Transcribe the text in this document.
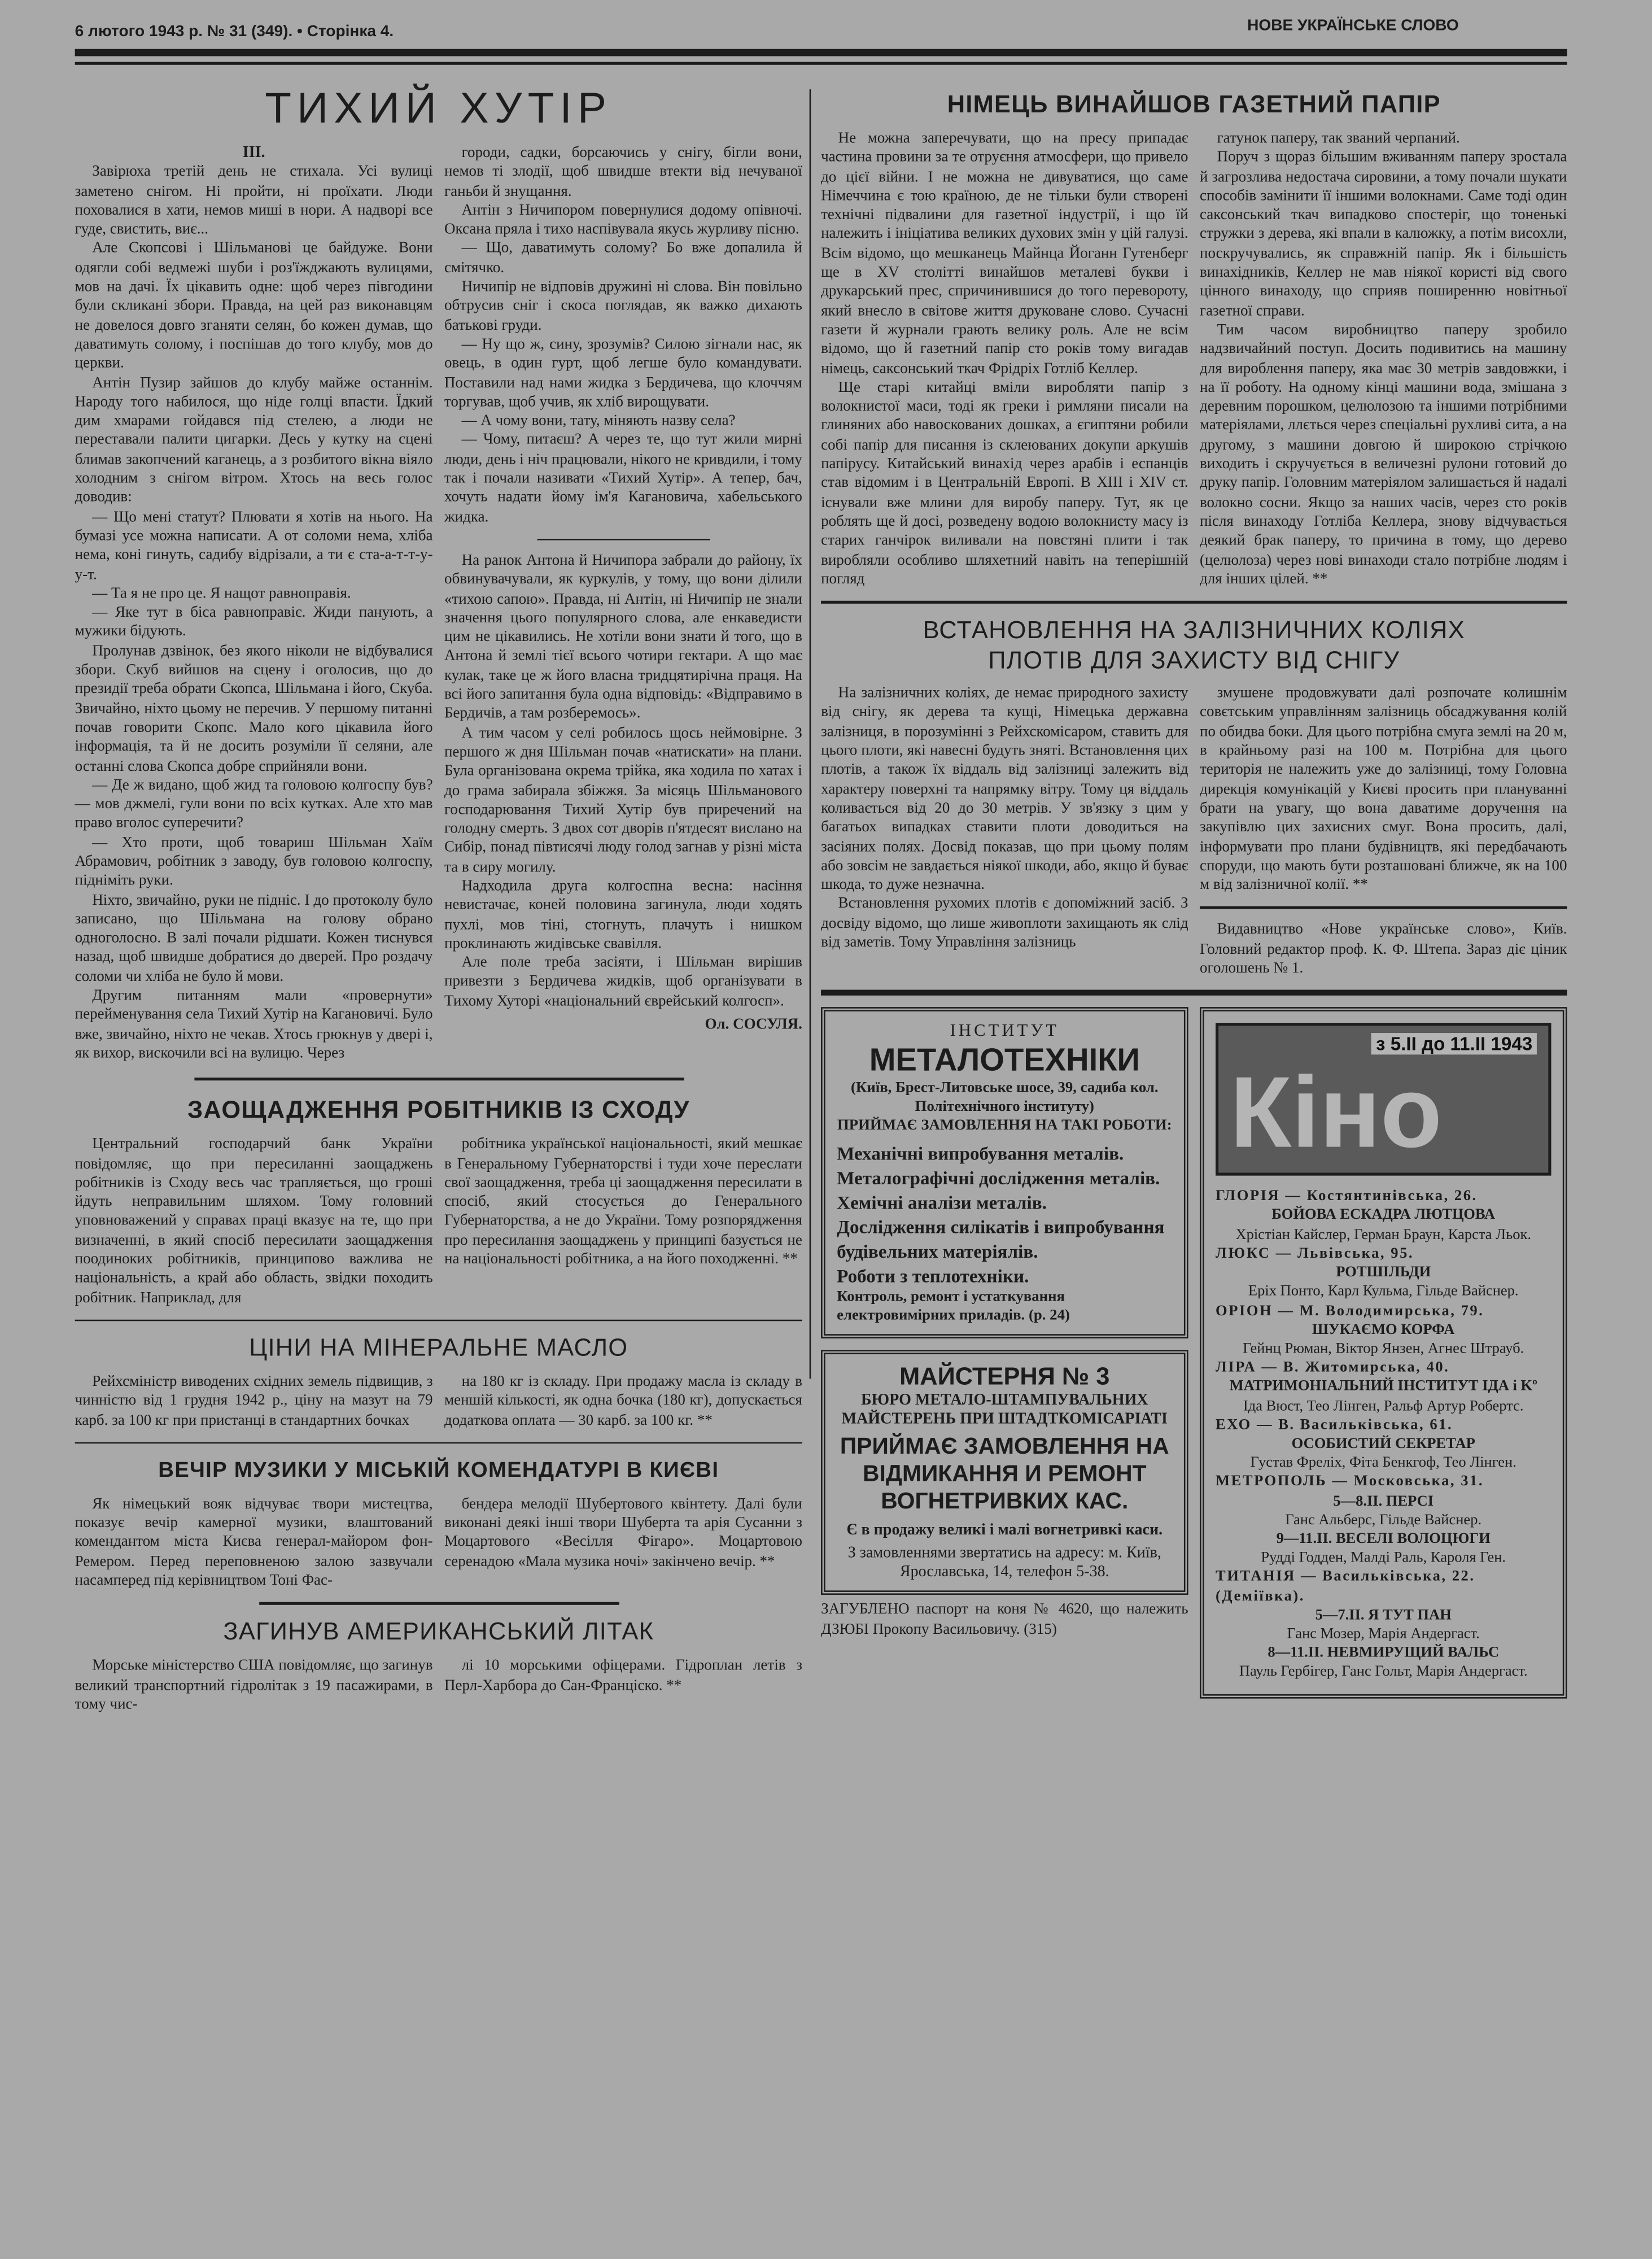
6 лютого 1943 р. № 31 (349). • Сторінка 4.	НОВЕ УКРАЇНСЬКЕ СЛОВО
ТИХИЙ ХУТІР
III.

Завірюха третій день не стихала. Усі вулиці заметено снігом. Ні пройти, ні проїхати. Люди поховалися в хати, немов миші в нори. А надворі все гуде, свистить, виє...

Але Скопсові і Шільмановi це байдуже. Вони одягли собі ведмежі шуби і роз'їжджають вулицями, мов на дачі. Їх цікавить одне: щоб через півгодини були скликані збори. Правда, на цей раз виконавцям не довелося довго зганяти селян, бо кожен думав, що даватимуть солому, і поспішав до того клубу, мов до церкви.

Антін Пузир зайшов до клубу майже останнім. Народу того набилося, що ніде голці впасти. Їдкий дим хмарами гойдався під стелею, а люди не переставали палити цигарки. Десь у кутку на сцені блимав закопчений каганець, а з розбитого вікна віяло холодним з снігом вітром. Хтось на весь голос доводив:

— Що мені статут? Плювати я хотів на нього. На бумазі усе можна написати. А от соломи нема, хліба нема, коні гинуть, садибу відрізали, а ти є ста-а-т-т-у-у-т.

— Та я не про це. Я нащот равноправія.

— Яке тут в біса равноправіє. Жиди панують, а мужики бідують.

Пролунав дзвінок, без якого ніколи не відбувалися збори. Скуб вийшов на сцену і оголосив, що до президії треба обрати Скопса, Шільмана і його, Скуба. Звичайно, ніхто цьому не перечив. У першому питанні почав говорити Скопс. Мало кого цікавила його інформація, та й не досить розуміли її селяни, але останні слова Скопса добре сприйняли вони.

— Де ж видано, щоб жид та головою колгоспу був? — мов джмелі, гули вони по всіх кутках. Але хто мав право вголос суперечити?

— Хто проти, щоб товариш Шільман Хаїм Абрамович, робітник з заводу, був головою колгоспу, підніміть руки.

Ніхто, звичайно, руки не підніс. І до протоколу було записано, що Шільмана на голову обрано одноголосно. В залі почали рідшати. Кожен тиснувся назад, щоб швидше добратися до дверей. Про роздачу соломи чи хліба не було й мови.

Другим питанням мали «провернути» перейменування села Тихий Хутір на Кагановичі. Було вже, звичайно, ніхто не чекав. Хтось грюкнув у двері і, як вихор, вискочили всі на вулицю. Через

городи, садки, борсаючись у снігу, бігли вони, немов ті злодії, щоб швидше втекти від нечуваної ганьби й знущання.

Антін з Ничипором повернулися додому опівночі. Оксана пряла і тихо наспівувала якусь журливу пісню.

— Що, даватимуть солому? Бо вже допалила й смітячко.

Ничипір не відповів дружині ні слова. Він повільно обтрусив сніг і скоса поглядав, як важко дихають батькові груди.

— Ну що ж, сину, зрозумів? Силою зігнали нас, як овець, в один гурт, щоб легше було командувати. Поставили над нами жидка з Бердичева, що клоччям торгував, щоб учив, як хліб вирощувати.

— А чому вони, тату, міняють назву села?

— Чому, питаєш? А через те, що тут жили мирні люди, день і ніч працювали, нікого не кривдили, і тому так і почали називати «Тихий Хутір». А тепер, бач, хочуть надати йому ім'я Кагановича, хабельського жидка.

На ранок Антона й Ничипора забрали до району, їх обвинувачували, як куркулів, у тому, що вони ділили «тихою сапою». Правда, ні Антін, ні Ничипір не знали значення цього популярного слова, але енкаведисти цим не цікавились. Не хотіли вони знати й того, що в Антона й землі тієї всього чотири гектари. А що має кулак, таке це ж його власна тридцятирічна праця. На всі його запитання була одна відповідь: «Відправимо в Бердичів, а там розберемось».

А тим часом у селі робилось щось неймовірне. З першого ж дня Шільман почав «натискати» на плани. Була організована окрема трійка, яка ходила по хатах і до грама забирала збіжжя. За місяць Шільманового господарювання Тихий Хутір був приречений на голодну смерть. З двох сот дворів п'ятдесят вислано на Сибір, понад півтисячі люду голод загнав у різні міста та в сиру могилу.

Надходила друга колгоспна весна: насіння невистачає, коней половина загинула, люди ходять пухлі, мов тіні, стогнуть, плачуть і нишком проклинають жидівське свавілля.

Але поле треба засіяти, і Шільман вирішив привезти з Бердичева жидків, щоб організувати в Тихому Хуторі «національний єврейський колгосп».

Ол. СОСУЛЯ.
ЗАОЩАДЖЕННЯ РОБІТНИКІВ ІЗ СХОДУ

Центральний господарчий банк України повідомляє, що при пересиланні заощаджень робітників із Сходу весь час трапляється, що гроші йдуть неправильним шляхом. Тому головний уповноважений у справах праці вказує на те, що при визначенні, в який спосіб пересилати заощадження поодиноких робітників, принципово важлива не національність, а край або область, звідки походить робітник. Наприклад, для

робітника української національності, який мешкає в Генеральному Губернаторстві і туди хоче переслати свої заощадження, треба ці заощадження пересилати в спосіб, який стосується до Генерального Губернаторства, а не до України. Тому розпорядження про пересилання заощаджень у принципі базується не на національності робітника, а на його походженні. **

ЦІНИ НА МІНЕРАЛЬНЕ МАСЛО

Рейхсміністр виводених східних земель підвищив, з чинністю від 1 грудня 1942 р., ціну на мазут на 79 карб. за 100 кг при пристанці в стандартних бочках

на 180 кг із складу. При продажу масла із складу в меншій кількості, як одна бочка (180 кг), допускається додаткова оплата — 30 карб. за 100 кг. **

ВЕЧІР МУЗИКИ У МІСЬКІЙ КОМЕНДАТУРІ В КИЄВІ

Як німецький вояк відчуває твори мистецтва, показує вечір камерної музики, влаштований комендантом міста Києва генерал-майором фон-Ремером. Перед переповненою залою зазвучали насамперед під керівництвом Тоні Фас-

бендера мелодії Шубертового квінтету. Далі були виконані деякі інші твори Шуберта та арія Сусанни з Моцартового «Весілля Фігаро». Моцартовою серенадою «Мала музика ночі» закінчено вечір. **

ЗАГИНУВ АМЕРИКАНСЬКИЙ ЛІТАК

Морське міністерство США повідомляє, що загинув великий транспортний гідролітак з 19 пасажирами, в тому чис-

лі 10 морськими офіцерами. Гідроплан летів з Перл-Харбора до Сан-Франціско. **

НІМЕЦЬ ВИНАЙШОВ ГАЗЕТНИЙ ПАПІР

Не можна заперечувати, що на пресу припадає частина провини за те отруєння атмосфери, що привело до цієї війни. І не можна не дивуватися, що саме Німеччина є тою країною, де не тільки були створені технічні підвалини для газетної індустрії, і що їй належить і ініціатива великих духових змін у цій галузі. Всім відомо, що мешканець Майнца Йоганн Гутенберг ще в XV столітті винайшов металеві букви і друкарський прес, спричинившися до того перевороту, який внесло в світове життя друковане слово. Сучасні газети й журнали грають велику роль. Але не всім відомо, що й газетний папір сто років тому вигадав німець, саксонський ткач Фрідріх Готліб Келлер.

Ще старі китайці вміли виробляти папір з волокнистої маси, тоді як греки і римляни писали на глиняних або навоскованих дошках, а єгиптяни робили собі папір для писання із склеюваних докупи аркушів папірусу. Китайський винахід через арабів і еспанців став відомим і в Центральній Европі. В XIII і XIV ст. існували вже млини для виробу паперу. Тут, як це роблять ще й досі, розведену водою волокнисту масу із старих ганчірок виливали на повстяні плити і так виробляли особливо шляхетний навіть на теперішній погляд

гатунок паперу, так званий черпаний.

Поруч з щораз більшим вживанням паперу зростала й загрозлива недостача сировини, а тому почали шукати способів замінити її іншими волокнами. Саме тоді один саксонський ткач випадково спостеріг, що тоненькі стружки з дерева, які впали в калюжку, а потім висохли, поскручувались, як справжній папір. Як і більшість винахідників, Келлер не мав ніякої користі від свого цінного винаходу, що сприяв поширенню новітньої газетної справи.

Тим часом виробництво паперу зробило надзвичайний поступ. Досить подивитись на машину для вироблення паперу, яка має 30 метрів завдовжки, і на її роботу. На одному кінці машини вода, змішана з деревним порошком, целюлозою та іншими потрібними матеріялами, ллється через спеціальні рухливі сита, а на другому, з машини довгою й широкою стрічкою виходить і скручується в величезні рулони готовий до друку папір. Головним матеріялом залишається й надалі волокно сосни. Якщо за наших часів, через сто років після винаходу Готліба Келлера, знову відчувається деякий брак паперу, то причина в тому, що дерево (целюлоза) через нові винаходи стало потрібне людям і для інших цілей. **

ВСТАНОВЛЕННЯ НА ЗАЛІЗНИЧНИХ КОЛІЯХ
ПЛОТІВ ДЛЯ ЗАХИСТУ ВІД СНІГУ

На залізничних коліях, де немає природного захисту від снігу, як дерева та кущі, Німецька державна залізниця, в порозумінні з Рейхскомісаром, ставить для цього плоти, які навесні будуть зняті. Встановлення цих плотів, а також їх віддаль від залізниці залежить від характеру поверхні та напрямку вітру. Тому ця віддаль коливається від 20 до 30 метрів. У зв'язку з цим у багатьох випадках ставити плоти доводиться на засіяних полях. Досвід показав, що при цьому полям або зовсім не завдається ніякої шкоди, або, якщо й буває шкода, то дуже незначна.

Встановлення рухомих плотів є допоміжний засіб. З досвіду відомо, що лише живоплоти захищають як слід від заметів. Тому Управління залізниць

змушене продовжувати далі розпочате колишнім совєтським управлінням залізниць обсаджування колій по обидва боки. Для цього потрібна смуга землі на 20 м, в крайньому разі на 100 м. Потрібна для цього територія не належить уже до залізниці, тому Головна дирекція комунікацій у Києві просить при плануванні брати на увагу, що вона даватиме доручення на закупівлю цих захисних смуг. Вона просить, далі, інформувати про плани будівництв, які передбачають споруди, що мають бути розташовані ближче, як на 100 м від залізничної колії. **

Видавництво «Нове українське слово», Київ. Головний редактор проф. К. Ф. Штепа. Зараз діє ціник оголошень № 1.

ІНСТИТУТ
МЕТАЛОТЕХНІКИ
(Київ, Брест-Литовське шосе, 39, садиба кол. Політехнічного інституту)
ПРИЙМАЄ ЗАМОВЛЕННЯ НА ТАКІ РОБОТИ:
Механічні випробування металів.
Металографічні дослідження металів.
Хемічні аналізи металів.
Дослідження силікатів і випробування будівельних матеріялів.
Роботи з теплотехніки.
Контроль, ремонт і устаткування електровимірних приладів. (р. 24)
МАЙСТЕРНЯ № 3
БЮРО МЕТАЛО-ШТАМПУВАЛЬНИХ МАЙСТЕРЕНЬ ПРИ ШТАДТКОМІСАРІАТІ
ПРИЙМАЄ ЗАМОВЛЕННЯ НА ВІДМИКАННЯ И РЕМОНТ ВОГНЕТРИВКИХ КАС.
Є в продажу великі і малі вогнетривкі каси.
З замовленнями звертатись на адресу: м. Київ, Ярославська, 14, телефон 5-38.
ЗАГУБЛЕНО паспорт на коня № 4620, що належить ДЗЮБІ Прокопу Васильовичу. (315)
з 5.II до 11.II 1943
Кіно

ГЛОРІЯ — Костянтинівська, 26.

БОЙОВА ЕСКАДРА ЛЮТЦОВА

Хрістіан Кайслер, Герман Браун, Карста Льок.

ЛЮКС — Львівська, 95.

РОТШІЛЬДИ

Еріх Понто, Карл Кульма, Гільде Вайснер.

ОРІОН — М. Володимирська, 79.

ШУКАЄМО КОРФА

Гейнц Рюман, Віктор Янзен, Агнес Штрауб.

ЛІРА — В. Житомирська, 40.

МАТРИМОНІАЛЬНИЙ ІНСТИТУТ ІДА і Kº

Іда Вюст, Тео Лінген, Ральф Артур Робертс.

ЕХО — В. Васильківська, 61.

ОСОБИСТИЙ СЕКРЕТАР

Густав Фреліх, Фіта Бенкгоф, Тео Лінген.

МЕТРОПОЛЬ — Московська, 31.

5—8.II. ПЕРСІ

Ганс Альберс, Гільде Вайснер.

9—11.II. ВЕСЕЛІ ВОЛОЦЮГИ

Рудді Годден, Малді Раль, Кароля Ген.

ТИТАНІЯ — Васильківська, 22. (Деміївка).

5—7.II. Я ТУТ ПАН

Ганс Мозер, Марія Андергаст.

8—11.II. НЕВМИРУЩИЙ ВАЛЬС

Пауль Гербігер, Ганс Гольт, Марія Андергаст.
